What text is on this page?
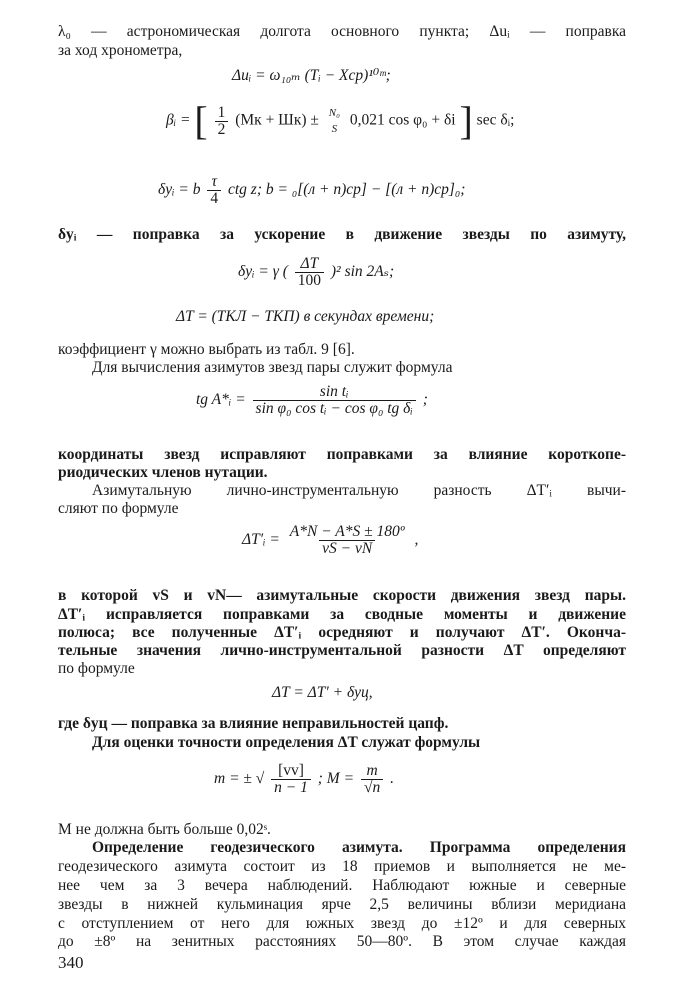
λ₀ — астрономическая долгота основного пункта; Δuᵢ — поправка
за ход хронометра,
Δuᵢ = ω₁₀ₘ (Tᵢ − Xср)¹⁰ᵐ;
βᵢ = [ $\frac{1}{2} (Mк + Шк) \pm N_0$
S
0,021 cos φ₀ + δi ] sec δᵢ;
δyᵢ = b $\frac{\tau}{4}$ ctg z; b = ₀[(л + п)ср] − [(л + п)ср]₀;
δyᵢ — поправка за ускорение в движение звезды по азимуту,
δyᵢ = γ ( $\frac{\Delta T}{100} )^2$ sin 2Aₛ;
ΔT = (TКЛ − TКП) в секундах времени;
коэффициент γ можно выбрать из табл. 9 [6].
Для вычисления азимутов звезд пары служит формула
tg A*ᵢ = $\frac{\text{sin tᵢ}}{\text{sin φ₀ cos tᵢ − cos φ₀ tg δᵢ}}$ ;
координаты звезд исправляют поправками за влияние короткопе-
риодических членов нутации.
Азимутальную лично-инструментальную разность ΔT′ᵢ вычи-
сляют по формуле
ΔT′ᵢ = $\frac{\text{A*N − A*S ± 180º}}{vS - vN}$ ,
в которой vS и vN— азимутальные скорости движения звезд пары.
ΔT′ᵢ исправляется поправками за сводные моменты и движение
полюса; все полученные ΔT′ᵢ осредняют и получают ΔT′. Оконча-
тельные значения лично-инструментальной разности ΔT определяют
по формуле
ΔT = ΔT′ + δyц,
где δyц — поправка за влияние неправильностей цапф.
Для оценки точности определения ΔT служат формулы
m = ± √ $\frac{[vv]}{n - 1}$ ; $M = \frac{m}{√n}$ .
M не должна быть больше 0,02ˢ.
Определение геодезического азимута. Программа определения
геодезического азимута состоит из 18 приемов и выполняется не ме-
нее чем за 3 вечера наблюдений. Наблюдают южные и северные
звезды в нижней кульминация ярче 2,5 величины вблизи меридиана
с отступлением от него для южных звезд до ±12º и для северных
до ±8º на зенитных расстояниях 50—80º. В этом случае каждая
340
